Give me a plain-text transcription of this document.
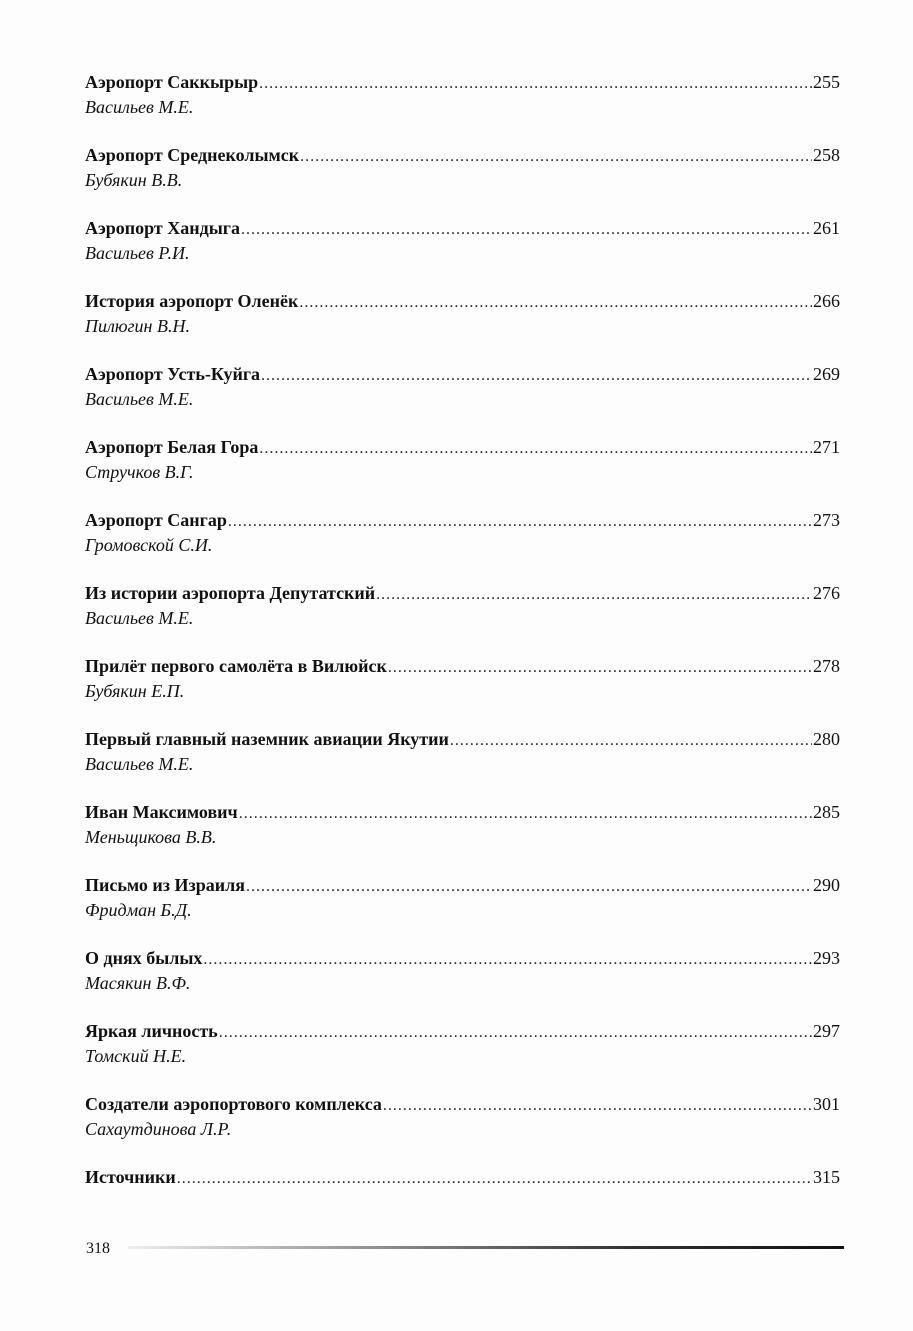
Аэропорт Саккырыр .....	255
Васильев М.Е.
Аэропорт Среднеколымск .....	258
Бубякин В.В.
Аэропорт Хандыга .....	261
Васильев Р.И.
История аэропорт Оленёк .....	266
Пилюгин В.Н.
Аэропорт Усть-Куйга .....	269
Васильев М.Е.
Аэропорт Белая Гора .....	271
Стручков В.Г.
Аэропорт Сангар .....	273
Громовской С.И.
Из истории аэропорта Депутатский .....	276
Васильев М.Е.
Прилёт первого самолёта в Вилюйск .....	278
Бубякин Е.П.
Первый главный наземник авиации Якутии .....	280
Васильев М.Е.
Иван Максимович .....	285
Меньщикова В.В.
Письмо из Израиля .....	290
Фридман Б.Д.
О днях былых .....	293
Масякин В.Ф.
Яркая личность .....	297
Томский Н.Е.
Создатели аэропортового комплекса .....	301
Сахаутдинова Л.Р.
Источники .....	315
318
